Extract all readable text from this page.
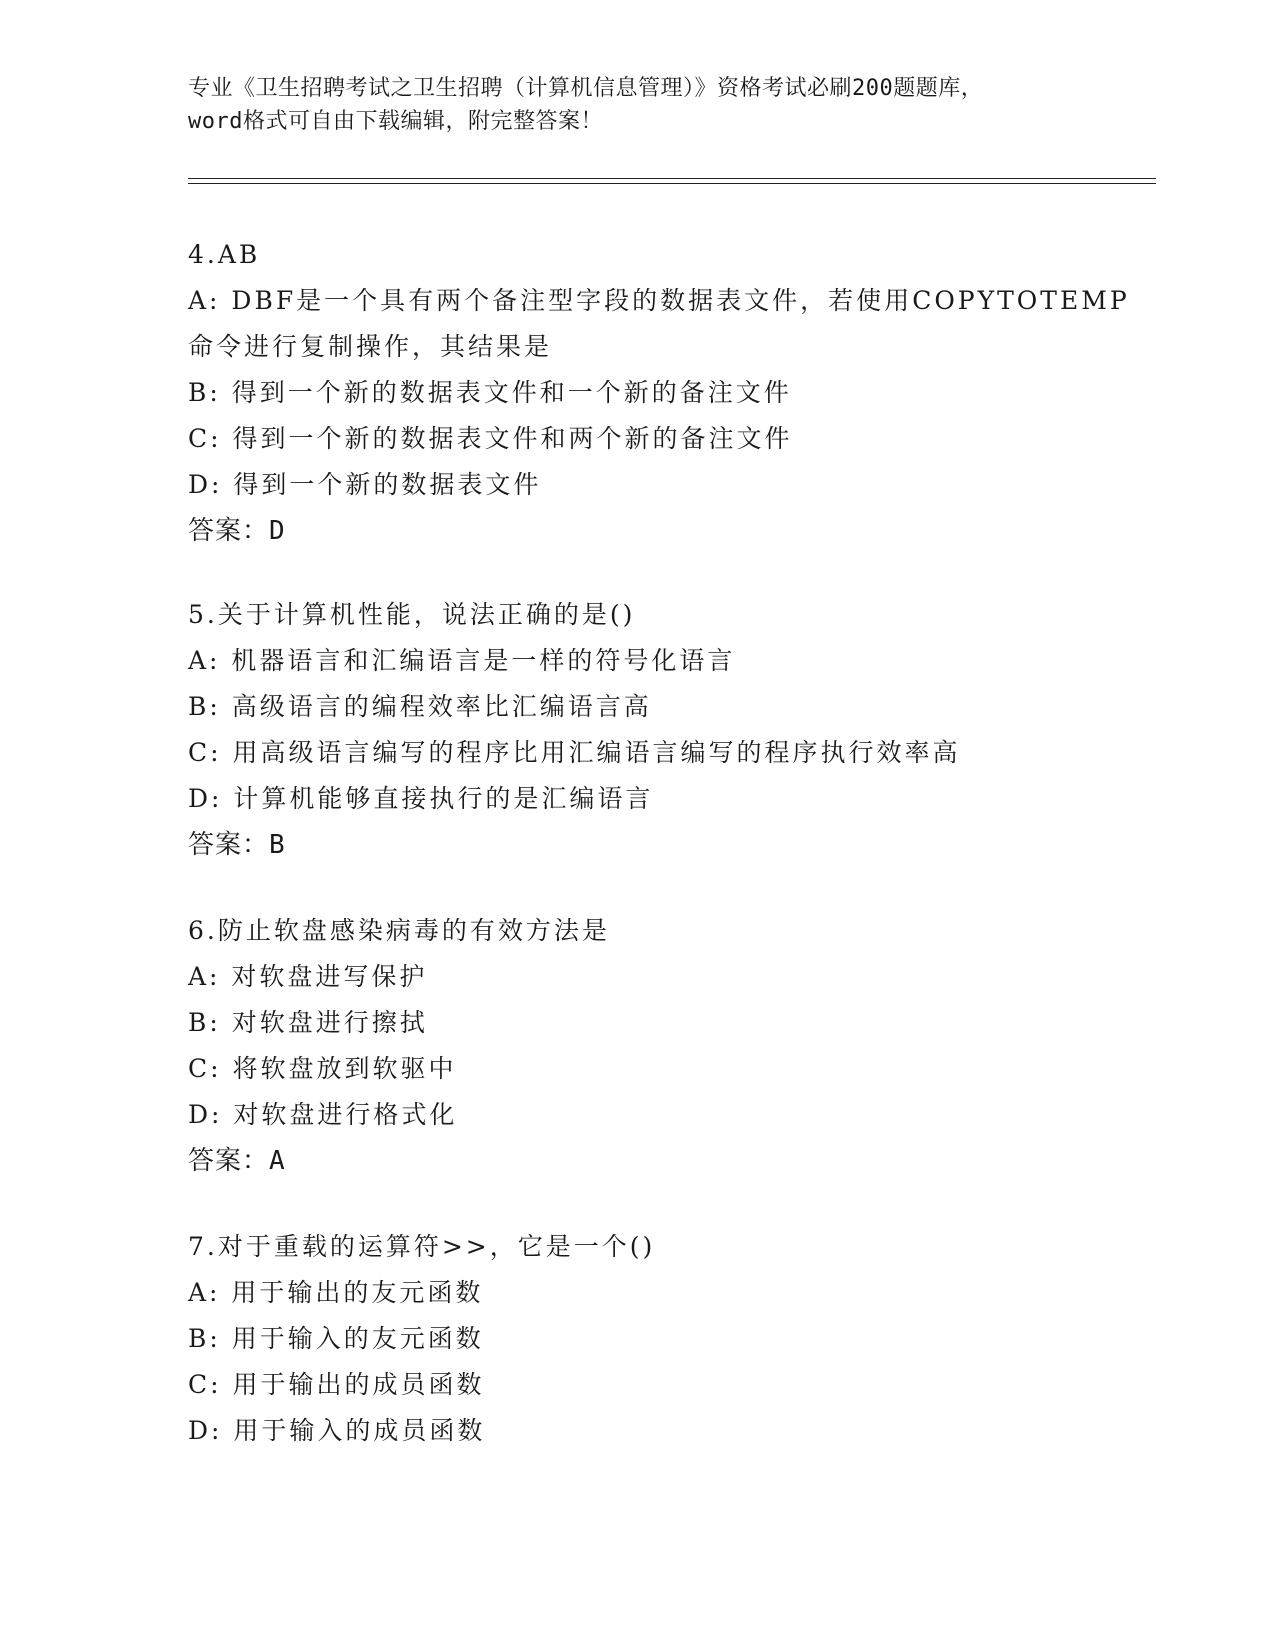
专业《卫生招聘考试之卫生招聘（计算机信息管理）》资格考试必刷200题题库，
word格式可自由下载编辑，附完整答案！
4.AB
A: DBF是一个具有两个备注型字段的数据表文件，若使用COPYTOTEMP
命令进行复制操作，其结果是
B: 得到一个新的数据表文件和一个新的备注文件
C: 得到一个新的数据表文件和两个新的备注文件
D: 得到一个新的数据表文件
答案：D
5.关于计算机性能，说法正确的是()
A: 机器语言和汇编语言是一样的符号化语言
B: 高级语言的编程效率比汇编语言高
C: 用高级语言编写的程序比用汇编语言编写的程序执行效率高
D: 计算机能够直接执行的是汇编语言
答案：B
6.防止软盘感染病毒的有效方法是
A: 对软盘进写保护
B: 对软盘进行擦拭
C: 将软盘放到软驱中
D: 对软盘进行格式化
答案：A
7.对于重载的运算符>>，它是一个()
A: 用于输出的友元函数
B: 用于输入的友元函数
C: 用于输出的成员函数
D: 用于输入的成员函数
